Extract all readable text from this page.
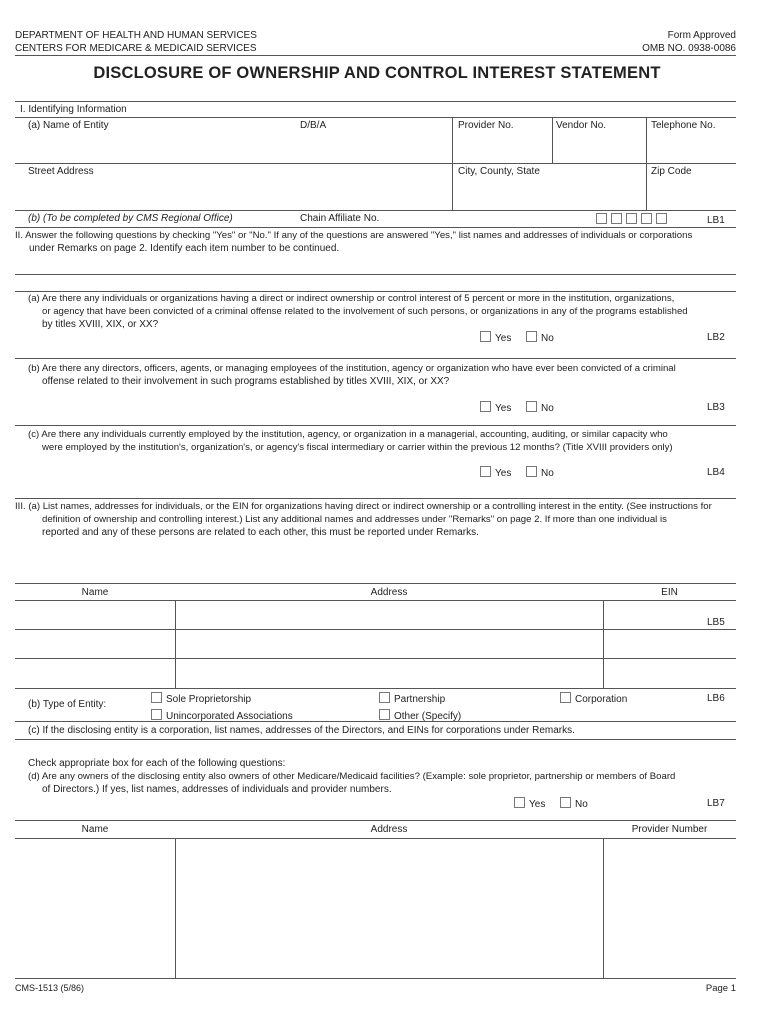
DEPARTMENT OF HEALTH AND HUMAN SERVICES
CENTERS FOR MEDICARE & MEDICAID SERVICES
Form Approved
OMB NO. 0938-0086
DISCLOSURE OF OWNERSHIP AND CONTROL INTEREST STATEMENT
I. Identifying Information
(a) Name of Entity	D/B/A	Provider No.	Vendor No.	Telephone No.
Street Address	City, County, State	Zip Code
(b) (To be completed by CMS Regional Office)	Chain Affiliate No.	LB1
II. Answer the following questions by checking "Yes" or "No." If any of the questions are answered "Yes," list names and addresses of individuals or corporations
under Remarks on page 2. Identify each item number to be continued.
(a) Are there any individuals or organizations having a direct or indirect ownership or control interest of 5 percent or more in the institution, organizations,
or agency that have been convicted of a criminal offense related to the involvement of such persons, or organizations in any of the programs established
by titles XVIII, XIX, or XX?
Yes	No	LB2
(b) Are there any directors, officers, agents, or managing employees of the institution, agency or organization who have ever been convicted of a criminal
offense related to their involvement in such programs established by titles XVIII, XIX, or XX?
Yes	No	LB3
(c) Are there any individuals currently employed by the institution, agency, or organization in a managerial, accounting, auditing, or similar capacity who
were employed by the institution's, organization's, or agency's fiscal intermediary or carrier within the previous 12 months? (Title XVIII providers only)
Yes	No	LB4
III. (a) List names, addresses for individuals, or the EIN for organizations having direct or indirect ownership or a controlling interest in the entity. (See instructions for
definition of ownership and controlling interest.) List any additional names and addresses under "Remarks" on page 2. If more than one individual is
reported and any of these persons are related to each other, this must be reported under Remarks.
Name	Address	EIN
LB5
(b) Type of Entity:	Sole Proprietorship	Partnership	Corporation	LB6
Unincorporated Associations	Other (Specify)
(c) If the disclosing entity is a corporation, list names, addresses of the Directors, and EINs for corporations under Remarks.
Check appropriate box for each of the following questions:
(d) Are any owners of the disclosing entity also owners of other Medicare/Medicaid facilities? (Example: sole proprietor, partnership or members of Board
of Directors.) If yes, list names, addresses of individuals and provider numbers.
Yes	No	LB7
Name	Address	Provider Number
CMS-1513 (5/86)	Page 1
